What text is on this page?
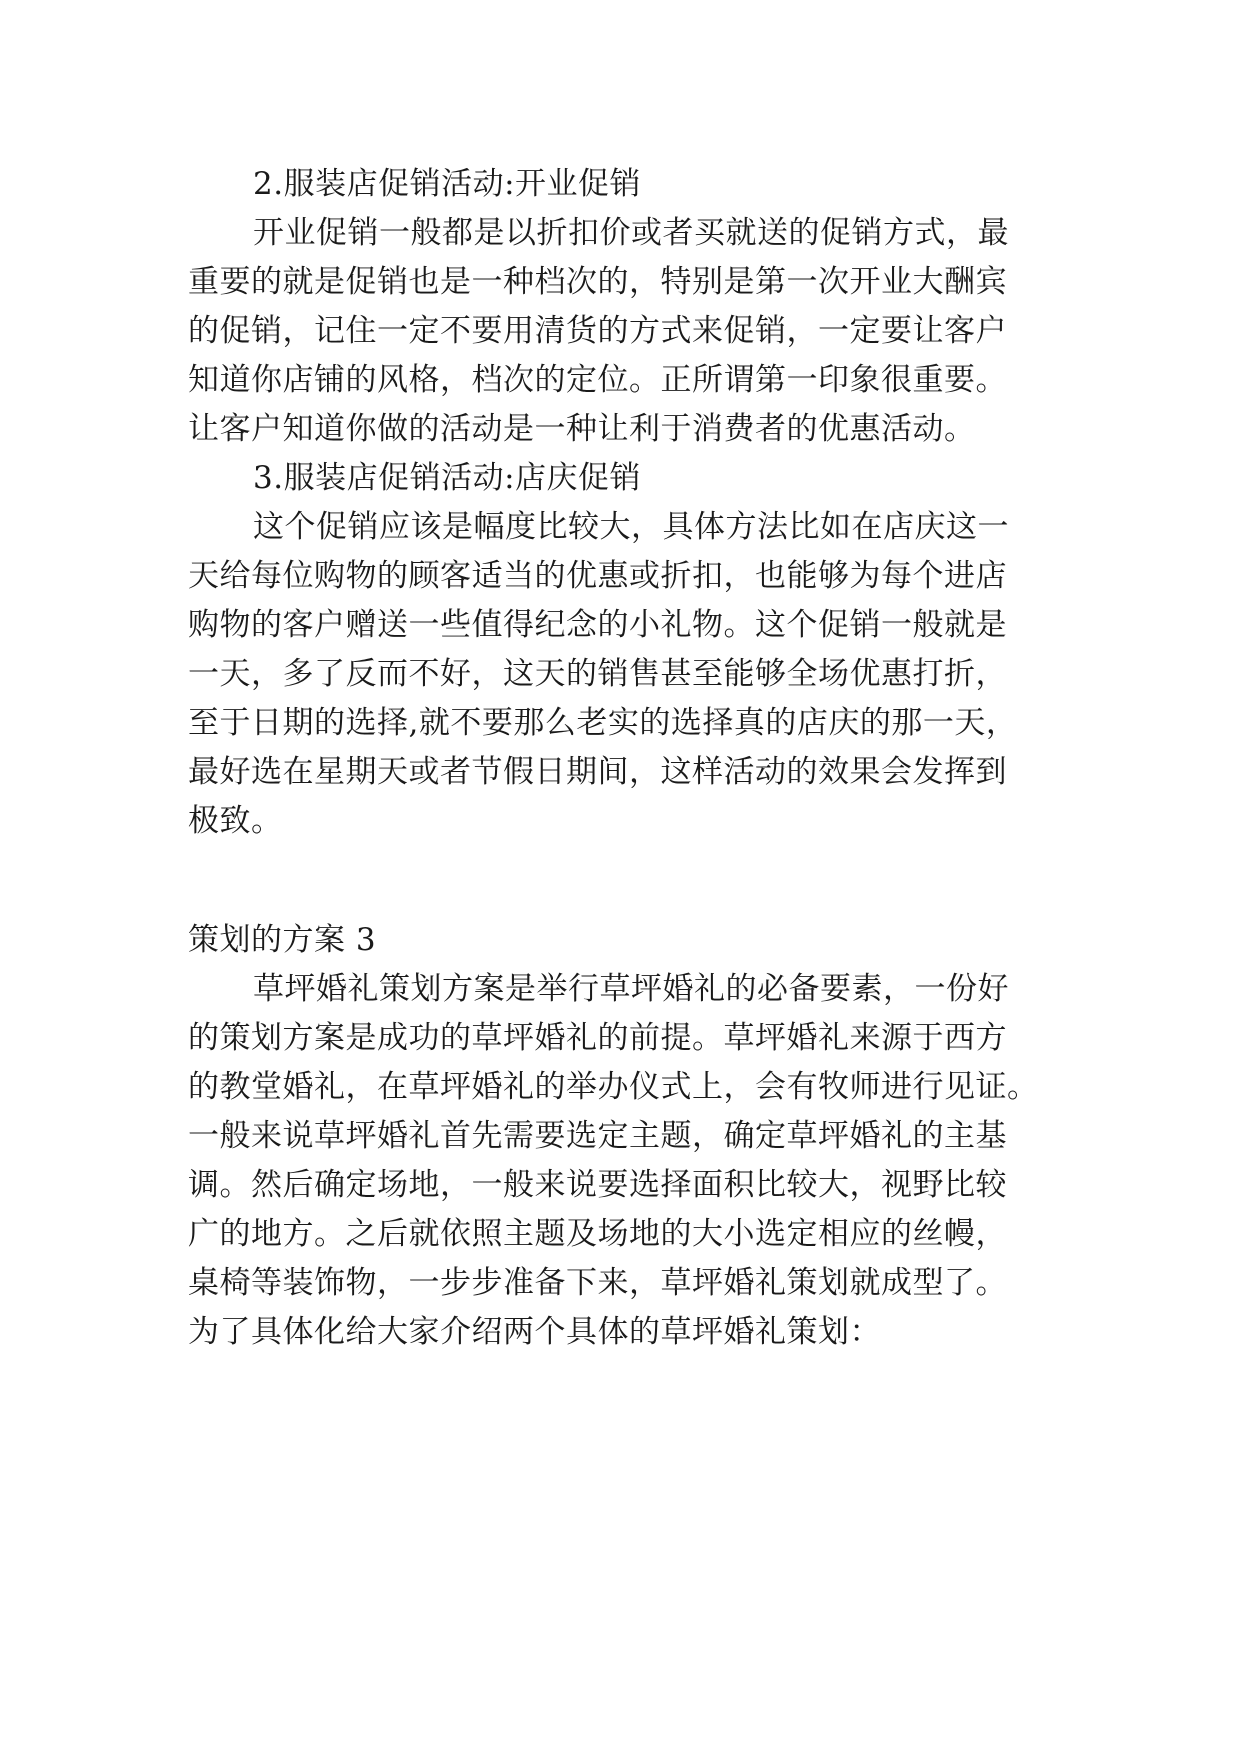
2.服装店促销活动:开业促销
开业促销一般都是以折扣价或者买就送的促销方式，最
重要的就是促销也是一种档次的，特别是第一次开业大酬宾
的促销，记住一定不要用清货的方式来促销，一定要让客户
知道你店铺的风格，档次的定位。正所谓第一印象很重要。
让客户知道你做的活动是一种让利于消费者的优惠活动。
3.服装店促销活动:店庆促销
这个促销应该是幅度比较大，具体方法比如在店庆这一
天给每位购物的顾客适当的优惠或折扣，也能够为每个进店
购物的客户赠送一些值得纪念的小礼物。这个促销一般就是
一天，多了反而不好，这天的销售甚至能够全场优惠打折，
至于日期的选择,就不要那么老实的选择真的店庆的那一天，
最好选在星期天或者节假日期间，这样活动的效果会发挥到
极致。
策划的方案 3
草坪婚礼策划方案是举行草坪婚礼的必备要素，一份好
的策划方案是成功的草坪婚礼的前提。草坪婚礼来源于西方
的教堂婚礼，在草坪婚礼的举办仪式上，会有牧师进行见证。
一般来说草坪婚礼首先需要选定主题，确定草坪婚礼的主基
调。然后确定场地，一般来说要选择面积比较大，视野比较
广的地方。之后就依照主题及场地的大小选定相应的丝幔，
桌椅等装饰物，一步步准备下来，草坪婚礼策划就成型了。
为了具体化给大家介绍两个具体的草坪婚礼策划：
